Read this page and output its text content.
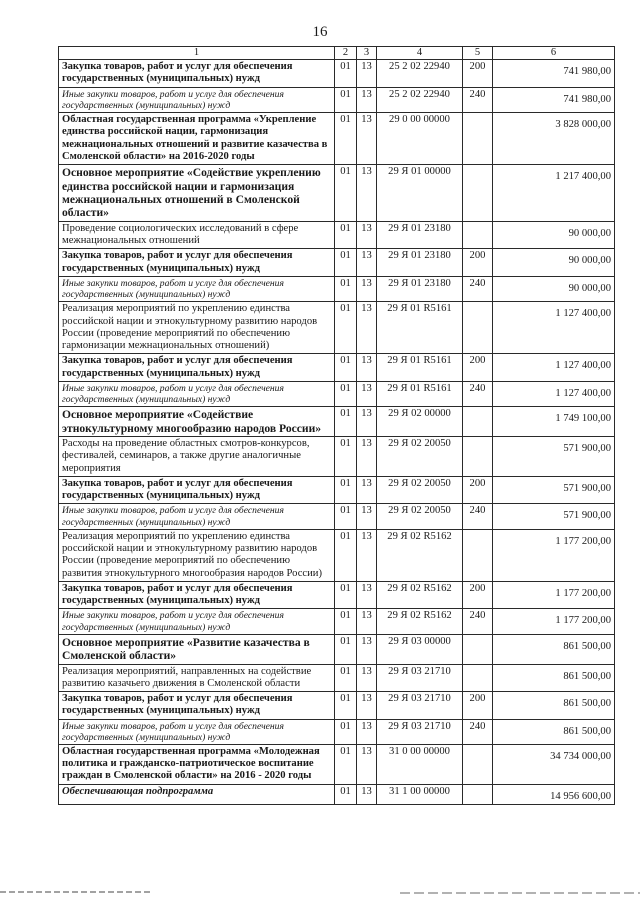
16
1	2	3	4	5	6
Закупка товаров, работ и услуг для обеспечения государственных (муниципальных) нужд	01	13	25 2 02 22940	200	741 980,00
Иные закупки товаров, работ и услуг для обеспечения государственных (муниципальных) нужд	01	13	25 2 02 22940	240	741 980,00
Областная государственная программа «Укрепление единства российской нации, гармонизация межнациональных отношений и развитие казачества в Смоленской области» на 2016-2020 годы	01	13	29 0 00 00000		3 828 000,00
Основное мероприятие «Содействие укреплению единства российской нации и гармонизация межнациональных отношений в Смоленской области»	01	13	29 Я 01 00000		1 217 400,00
Проведение социологических исследований в сфере межнациональных отношений	01	13	29 Я 01 23180		90 000,00
Закупка товаров, работ и услуг для обеспечения государственных (муниципальных) нужд	01	13	29 Я 01 23180	200	90 000,00
Иные закупки товаров, работ и услуг для обеспечения государственных (муниципальных) нужд	01	13	29 Я 01 23180	240	90 000,00
Реализация мероприятий по укреплению единства российской нации и этнокультурному развитию народов России (проведение мероприятий по обеспечению гармонизации межнациональных отношений)	01	13	29 Я 01 R5161		1 127 400,00
Закупка товаров, работ и услуг для обеспечения государственных (муниципальных) нужд	01	13	29 Я 01 R5161	200	1 127 400,00
Иные закупки товаров, работ и услуг для обеспечения государственных (муниципальных) нужд	01	13	29 Я 01 R5161	240	1 127 400,00
Основное мероприятие «Содействие этнокультурному многообразию народов России»	01	13	29 Я 02 00000		1 749 100,00
Расходы на проведение областных смотров-конкурсов, фестивалей, семинаров, а также другие аналогичные мероприятия	01	13	29 Я 02 20050		571 900,00
Закупка товаров, работ и услуг для обеспечения государственных (муниципальных) нужд	01	13	29 Я 02 20050	200	571 900,00
Иные закупки товаров, работ и услуг для обеспечения государственных (муниципальных) нужд	01	13	29 Я 02 20050	240	571 900,00
Реализация мероприятий по укреплению единства российской нации и этнокультурному развитию народов России (проведение мероприятий по обеспечению развития этнокультурного многообразия народов России)	01	13	29 Я 02 R5162		1 177 200,00
Закупка товаров, работ и услуг для обеспечения государственных (муниципальных) нужд	01	13	29 Я 02 R5162	200	1 177 200,00
Иные закупки товаров, работ и услуг для обеспечения государственных (муниципальных) нужд	01	13	29 Я 02 R5162	240	1 177 200,00
Основное мероприятие «Развитие казачества в Смоленской области»	01	13	29 Я 03 00000		861 500,00
Реализация мероприятий, направленных на содействие развитию казачьего движения в Смоленской области	01	13	29 Я 03 21710		861 500,00
Закупка товаров, работ и услуг для обеспечения государственных (муниципальных) нужд	01	13	29 Я 03 21710	200	861 500,00
Иные закупки товаров, работ и услуг для обеспечения государственных (муниципальных) нужд	01	13	29 Я 03 21710	240	861 500,00
Областная государственная программа «Молодежная политика и гражданско-патриотическое воспитание граждан в Смоленской области» на 2016 - 2020 годы	01	13	31 0 00 00000		34 734 000,00
Обеспечивающая подпрограмма	01	13	31 1 00 00000		14 956 600,00
